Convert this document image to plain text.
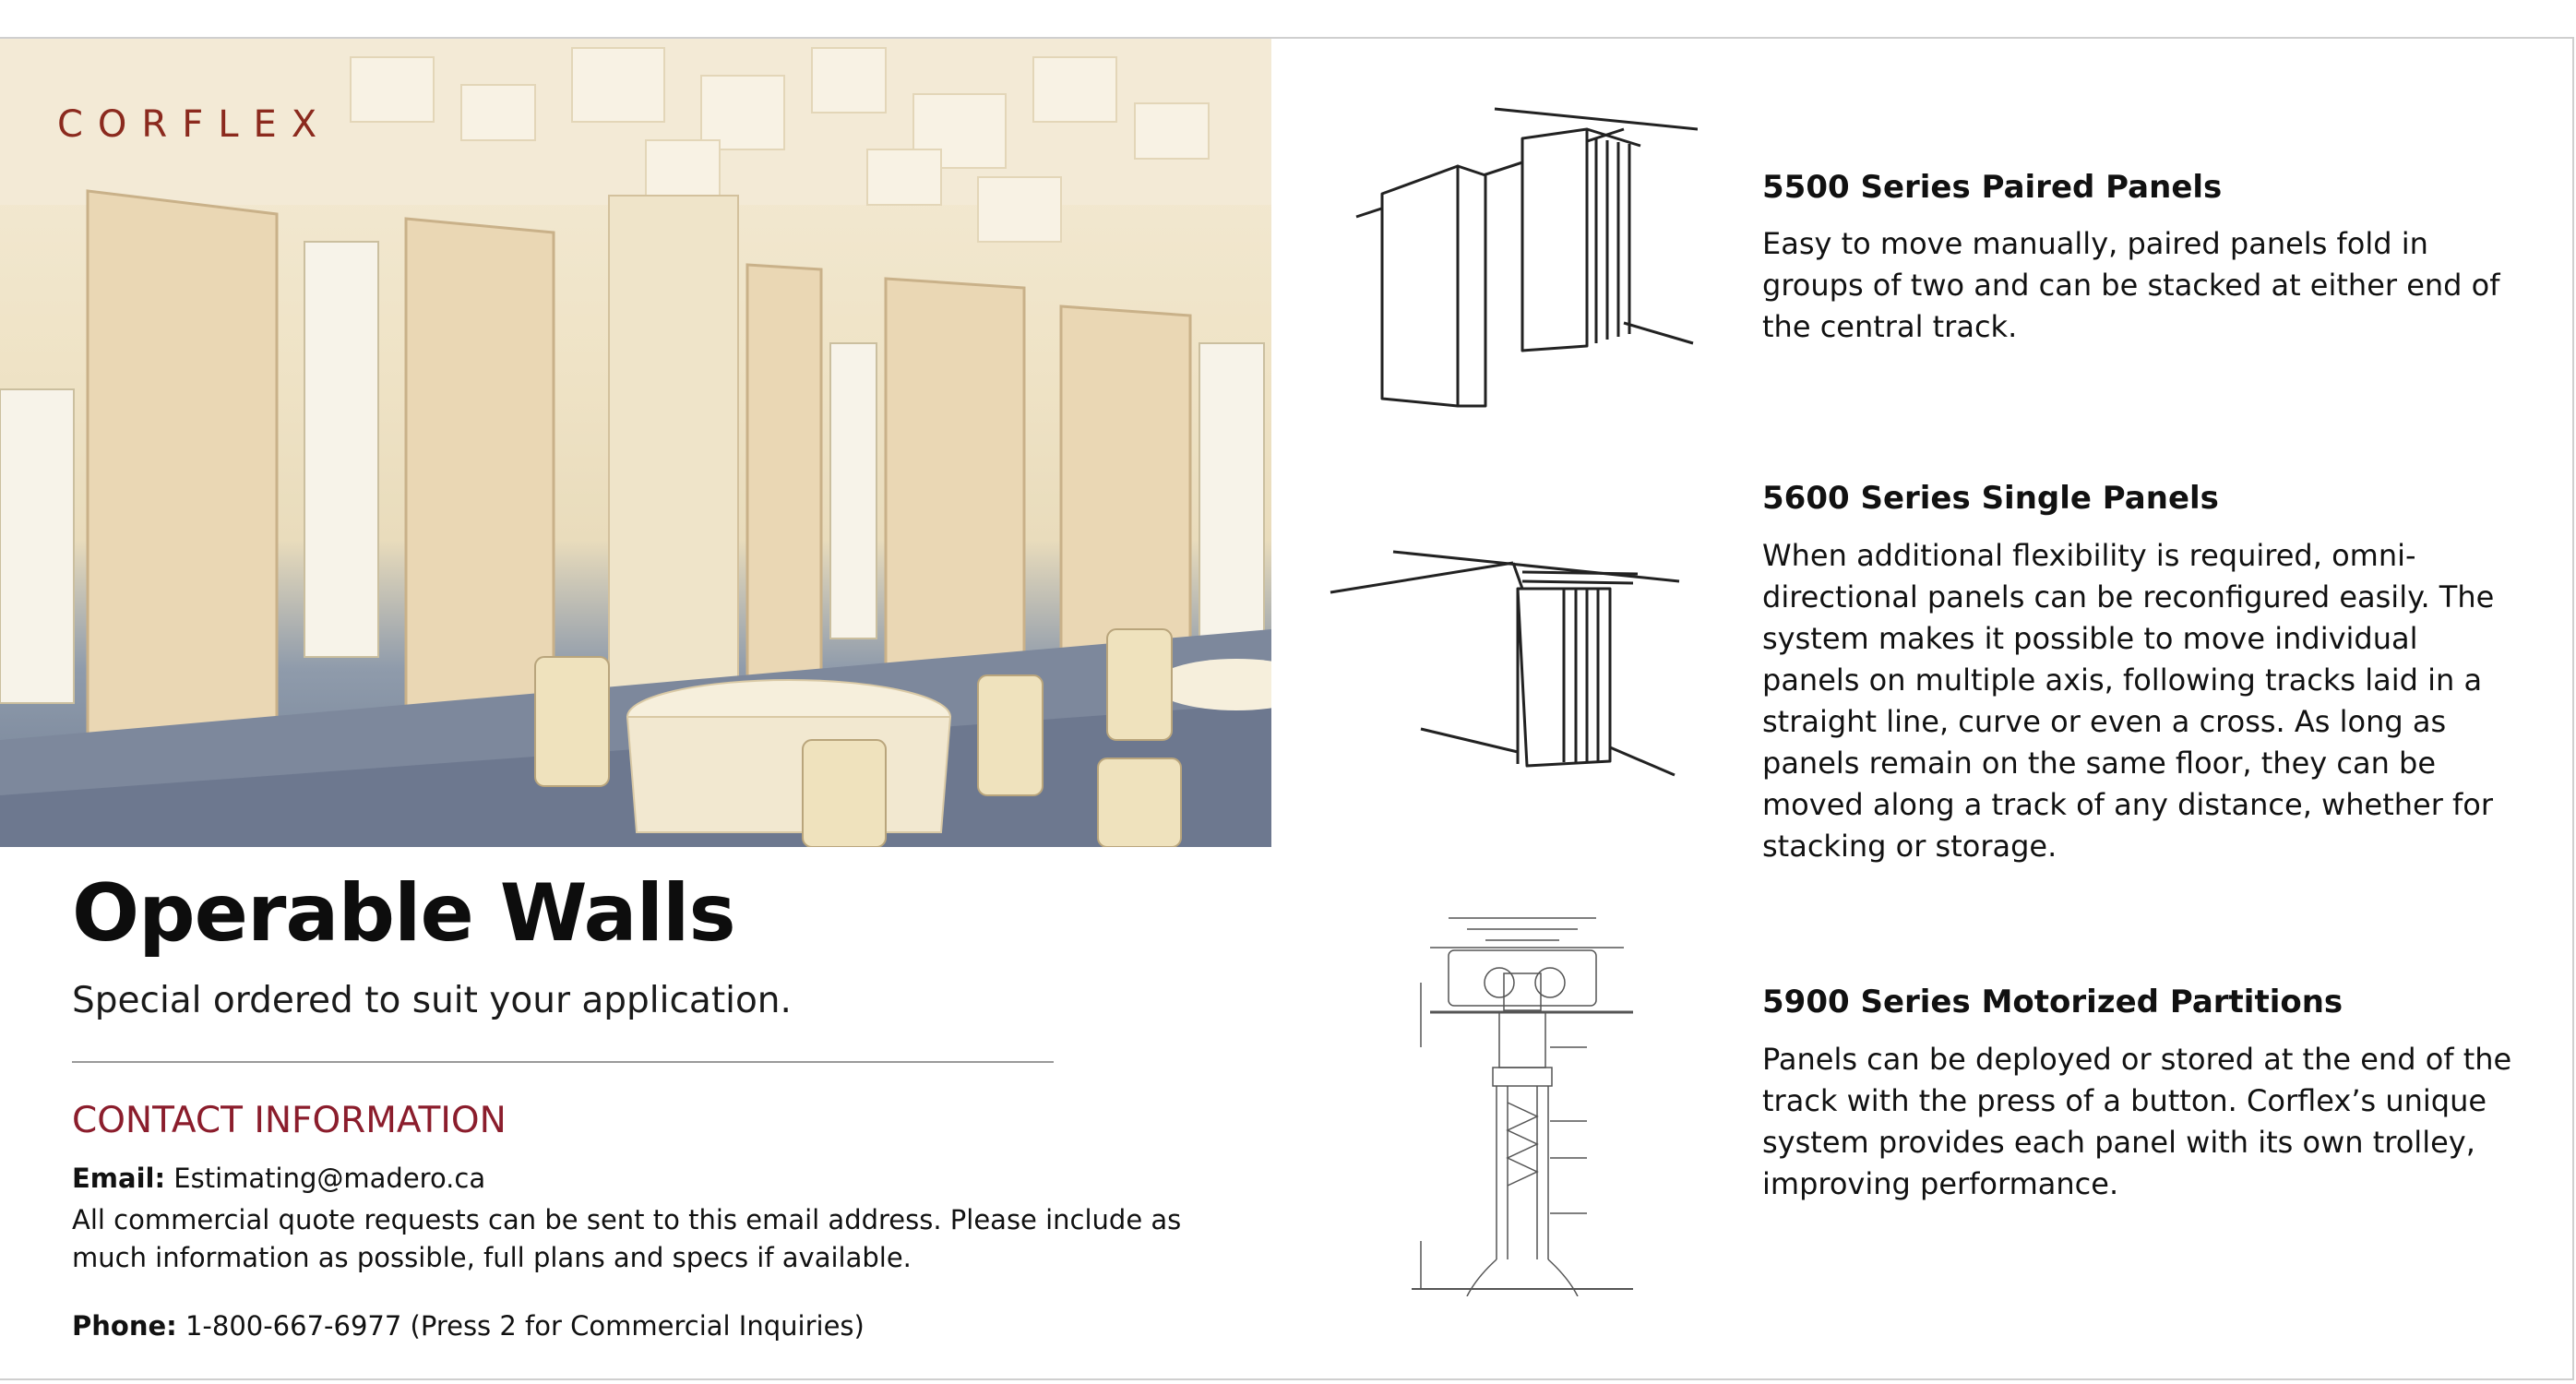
CORFLEX
Operable Walls
Special ordered to suit your application.
CONTACT INFORMATION
Email: Estimating@madero.ca
All commercial quote requests can be sent to this email address. Please include as much information as possible, full plans and specs if available.
Phone: 1-800-667-6977 (Press 2 for Commercial Inquiries)
5500 Series Paired Panels
Easy to move manually, paired panels fold in groups of two and can be stacked at either end of the central track.
5600 Series Single Panels
When additional flexibility is required, omni-directional panels can be reconfigured easily. The system makes it possible to move individual panels on multiple axis, following tracks laid in a straight line, curve or even a cross. As long as panels remain on the same floor, they can be moved along a track of any distance, whether for stacking or storage.
5900 Series Motorized Partitions
Panels can be deployed or stored at the end of the track with the press of a button. Corflex’s unique system provides each panel with its own trolley, improving performance.
